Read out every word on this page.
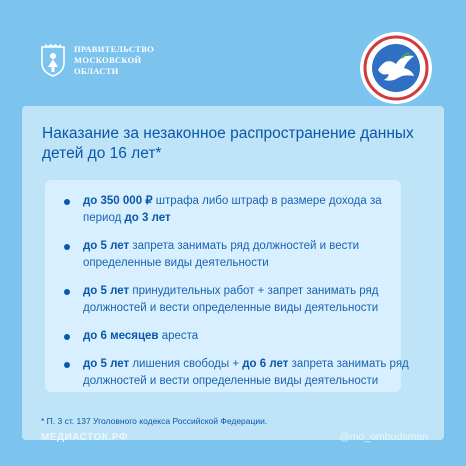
ПРАВИТЕЛЬСТВО
МОСКОВСКОЙ
ОБЛАСТИ
Наказание за незаконное распространение данных
детей до 16 лет*
до 350 000 ₽ штрафа либо штраф в размере дохода за период до 3 лет
до 5 лет запрета занимать ряд должностей и вести определенные виды деятельности
до 5 лет принудительных работ + запрет занимать ряд должностей и вести определенные виды деятельности
до 6 месяцев ареста
до 5 лет лишения свободы + до 6 лет запрета занимать ряд должностей и вести определенные виды деятельности
* П. 3 ст. 137 Уголовного кодекса Российской Федерации.
МЕДИАСТОК.РФ	@mo_ombudsman
